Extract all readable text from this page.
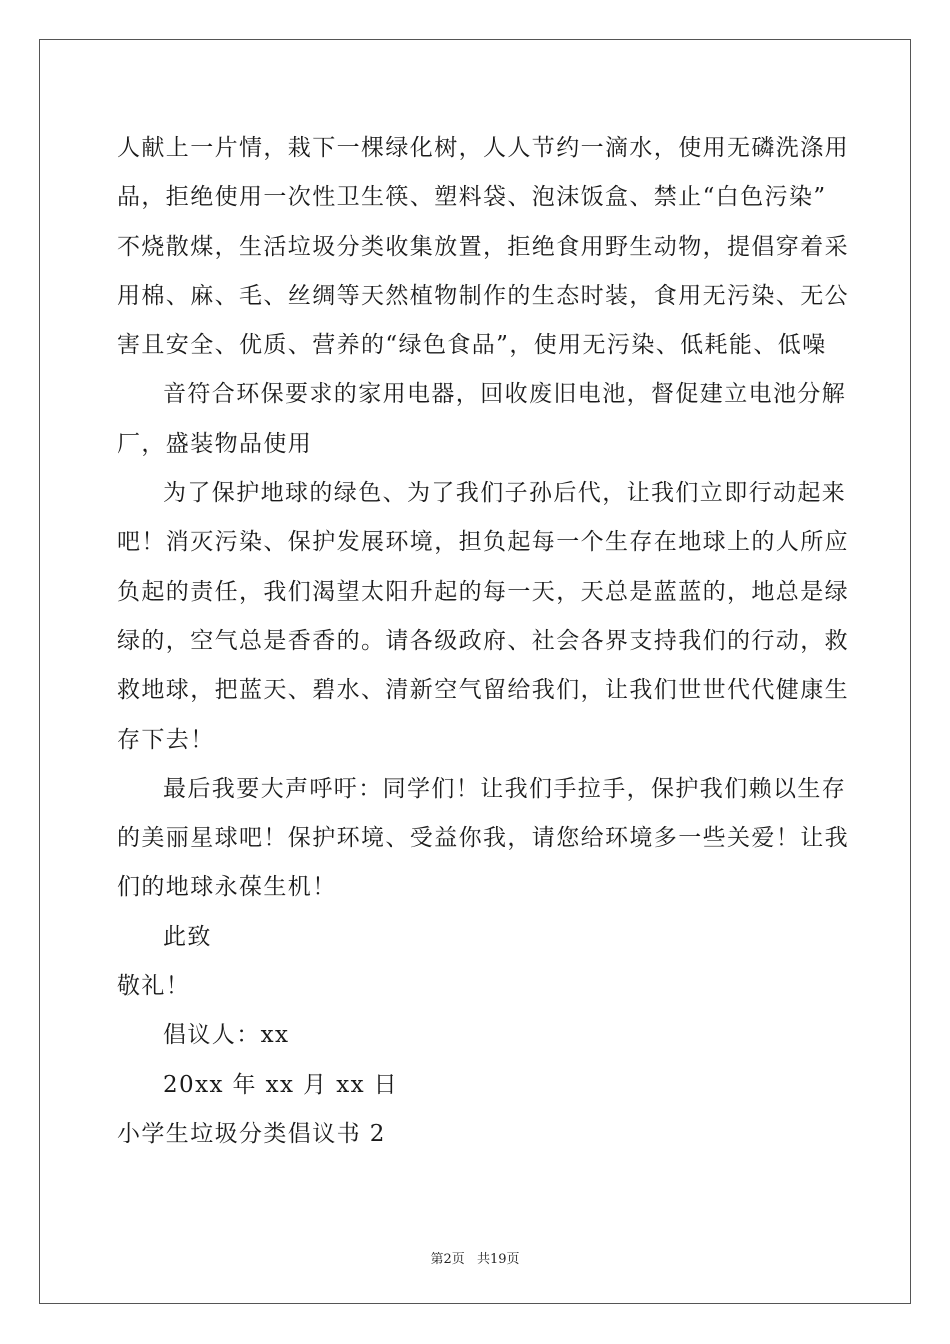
人献上一片情，栽下一棵绿化树，人人节约一滴水，使用无磷洗涤用
品，拒绝使用一次性卫生筷、塑料袋、泡沫饭盒、禁止“白色污染”
不烧散煤，生活垃圾分类收集放置，拒绝食用野生动物，提倡穿着采
用棉、麻、毛、丝绸等天然植物制作的生态时装，食用无污染、无公
害且安全、优质、营养的“绿色食品”，使用无污染、低耗能、低噪
音符合环保要求的家用电器，回收废旧电池，督促建立电池分解
厂，盛装物品使用
为了保护地球的绿色、为了我们子孙后代，让我们立即行动起来
吧！消灭污染、保护发展环境，担负起每一个生存在地球上的人所应
负起的责任，我们渴望太阳升起的每一天，天总是蓝蓝的，地总是绿
绿的，空气总是香香的。请各级政府、社会各界支持我们的行动，救
救地球，把蓝天、碧水、清新空气留给我们，让我们世世代代健康生
存下去！
最后我要大声呼吁：同学们！让我们手拉手，保护我们赖以生存
的美丽星球吧！保护环境、受益你我，请您给环境多一些关爱！让我
们的地球永葆生机！
此致
敬礼！
倡议人：xx
20xx 年 xx 月 xx 日
小学生垃圾分类倡议书 2
第2页 共19页
